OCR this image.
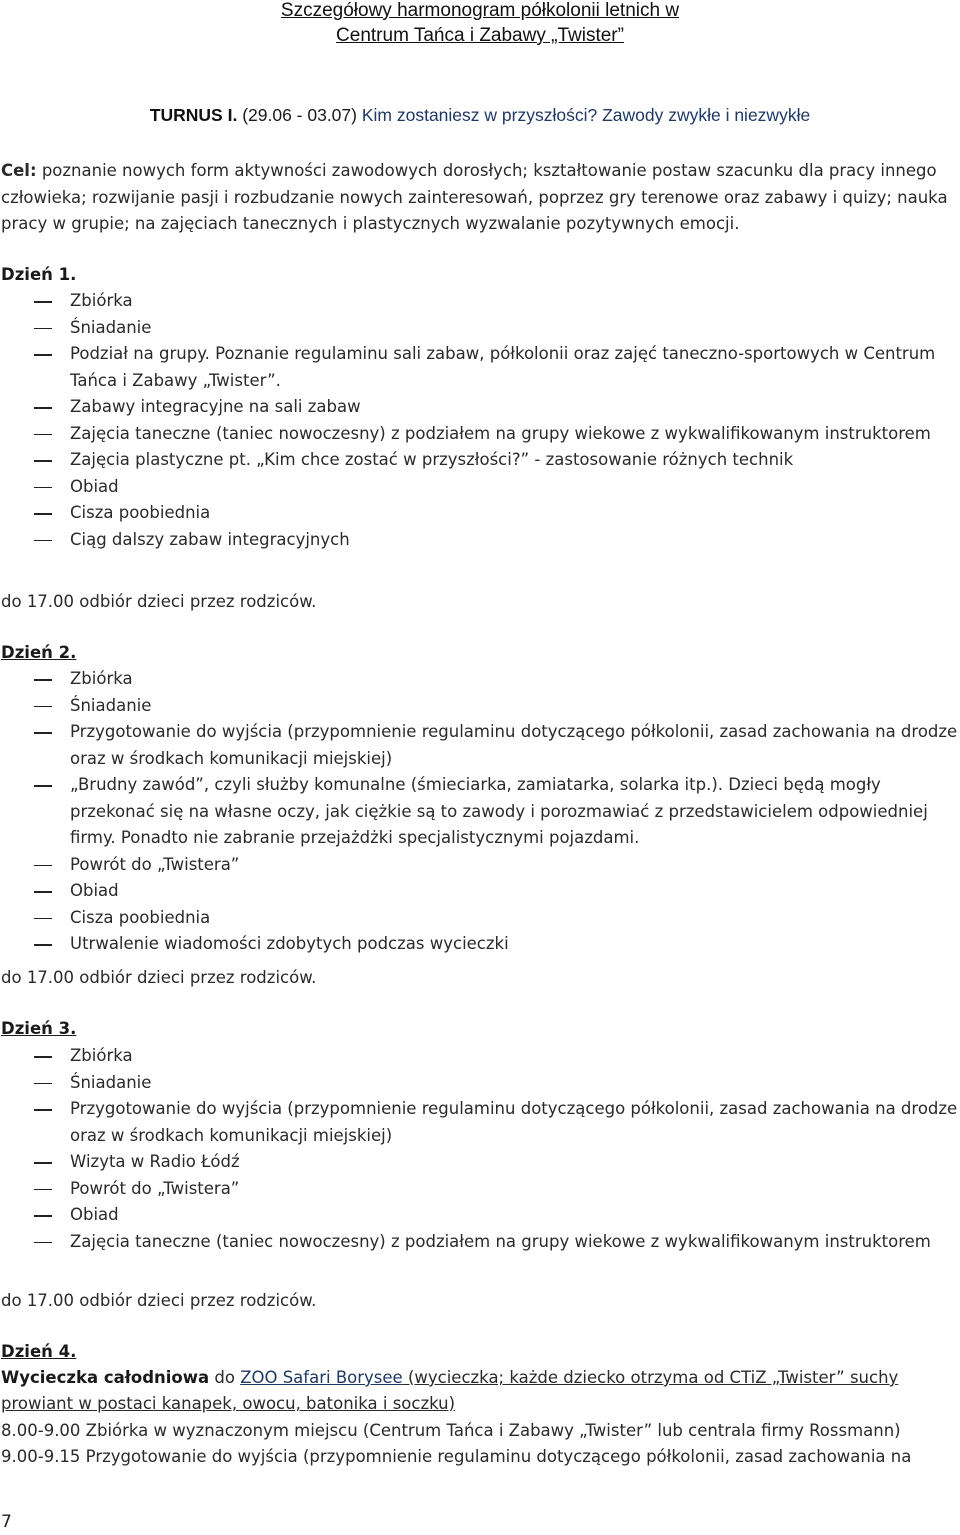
Szczegółowy harmonogram półkolonii letnich w
Centrum Tańca i Zabawy „Twister”
TURNUS I. (29.06 - 03.07) Kim zostaniesz w przyszłości? Zawody zwykłe i niezwykłe
Cel: poznanie nowych form aktywności zawodowych dorosłych; kształtowanie postaw szacunku dla pracy innego człowieka; rozwijanie pasji i rozbudzanie nowych zainteresowań, poprzez gry terenowe oraz zabawy i quizy; nauka pracy w grupie; na zajęciach tanecznych i plastycznych wyzwalanie pozytywnych emocji.
Dzień 1.
Zbiórka
Śniadanie
Podział na grupy. Poznanie regulaminu sali zabaw, półkolonii oraz zajęć taneczno-sportowych w Centrum Tańca i Zabawy „Twister”.
Zabawy integracyjne na sali zabaw
Zajęcia taneczne (taniec nowoczesny) z podziałem na grupy wiekowe z wykwalifikowanym instruktorem
Zajęcia plastyczne pt. „Kim chce zostać w przyszłości?” - zastosowanie różnych technik
Obiad
Cisza poobiednia
Ciąg dalszy zabaw integracyjnych
do 17.00 odbiór dzieci przez rodziców.
Dzień 2.
Zbiórka
Śniadanie
Przygotowanie do wyjścia (przypomnienie regulaminu dotyczącego półkolonii, zasad zachowania na drodze oraz w środkach komunikacji miejskiej)
„Brudny zawód”, czyli służby komunalne (śmieciarka, zamiatarka, solarka itp.). Dzieci będą mogły przekonać się na własne oczy, jak ciężkie są to zawody i porozmawiać z przedstawicielem odpowiedniej firmy. Ponadto nie zabranie przejażdżki specjalistycznymi pojazdami.
Powrót do „Twistera”
Obiad
Cisza poobiednia
Utrwalenie wiadomości zdobytych podczas wycieczki
do 17.00 odbiór dzieci przez rodziców.
Dzień 3.
Zbiórka
Śniadanie
Przygotowanie do wyjścia (przypomnienie regulaminu dotyczącego półkolonii, zasad zachowania na drodze oraz w środkach komunikacji miejskiej)
Wizyta w Radio Łódź
Powrót do „Twistera”
Obiad
Zajęcia taneczne (taniec nowoczesny) z podziałem na grupy wiekowe z wykwalifikowanym instruktorem
do 17.00 odbiór dzieci przez rodziców.
Dzień 4.
Wycieczka całodniowa do ZOO Safari Borysee (wycieczka; każde dziecko otrzyma od CTiZ „Twister” suchy prowiant w postaci kanapek, owocu, batonika i soczku)
8.00-9.00 Zbiórka w wyznaczonym miejscu (Centrum Tańca i Zabawy „Twister” lub centrala firmy Rossmann)
9.00-9.15 Przygotowanie do wyjścia (przypomnienie regulaminu dotyczącego półkolonii, zasad zachowania na
7
